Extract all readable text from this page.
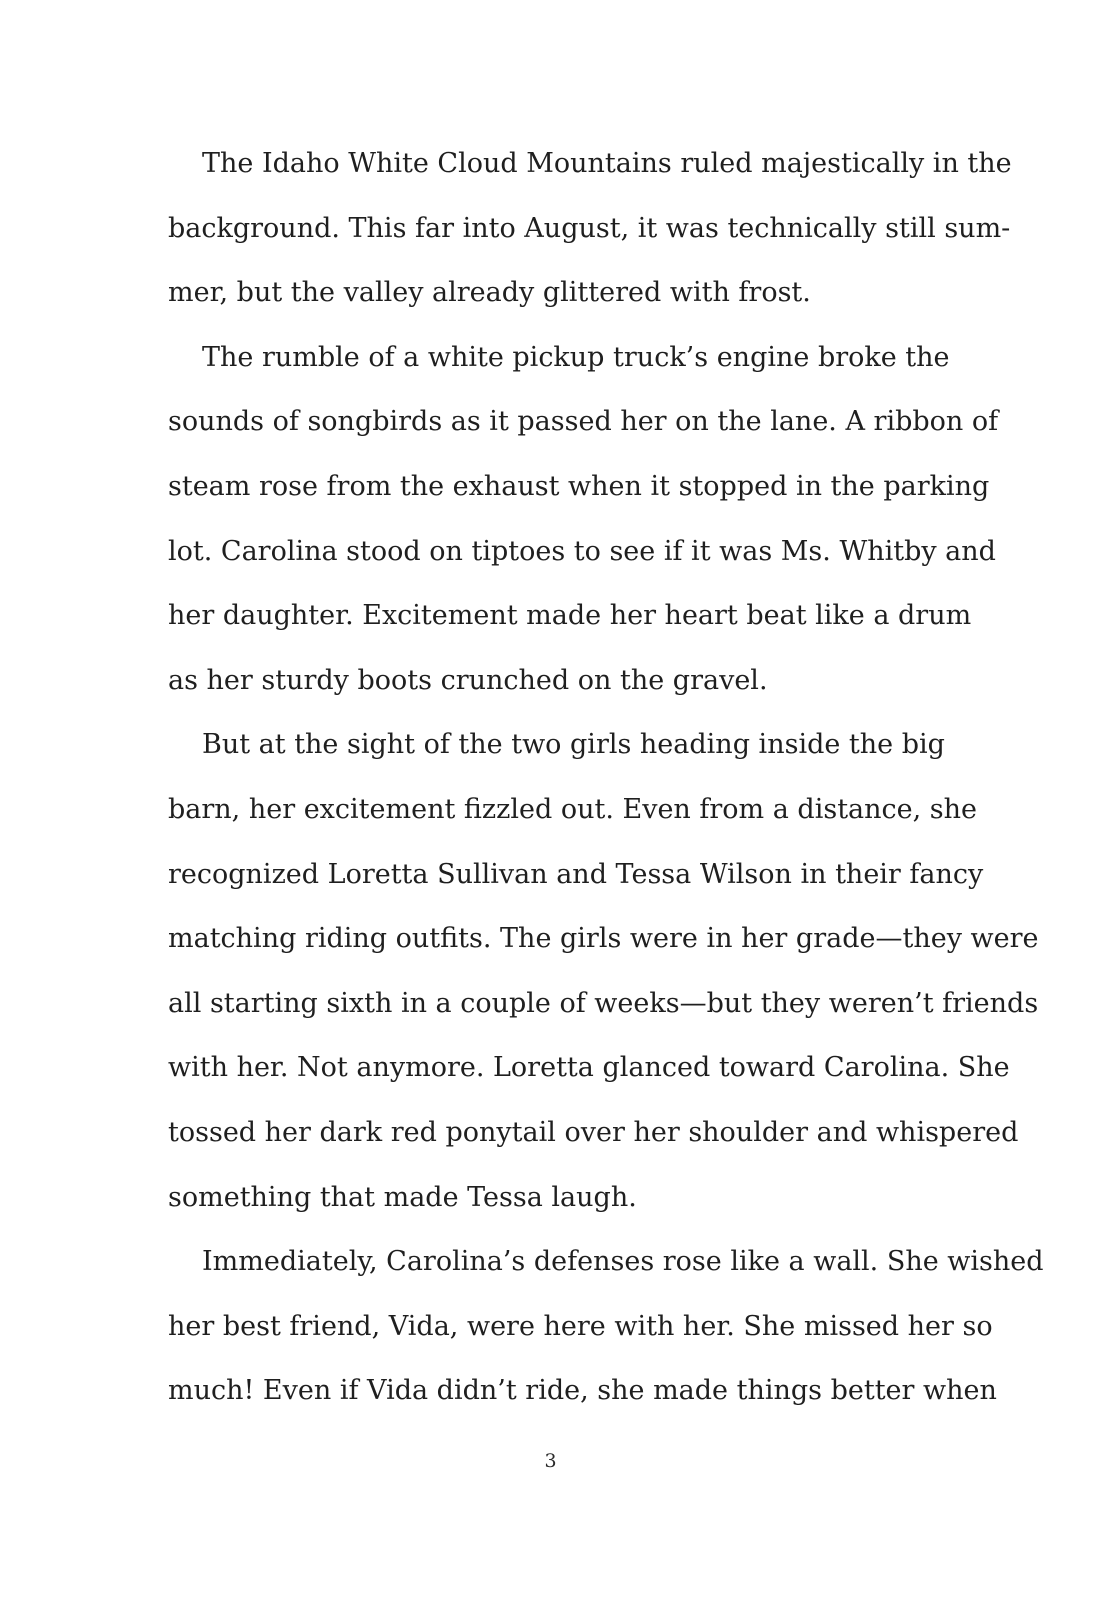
The Idaho White Cloud Mountains ruled majestically in the
background. This far into August, it was technically still sum-
mer, but the valley already glittered with frost.
The rumble of a white pickup truck’s engine broke the
sounds of songbirds as it passed her on the lane. A ribbon of
steam rose from the exhaust when it stopped in the parking
lot. Carolina stood on tiptoes to see if it was Ms. Whitby and
her daughter. Excitement made her heart beat like a drum
as her sturdy boots crunched on the gravel.
But at the sight of the two girls heading inside the big
barn, her excitement fizzled out. Even from a distance, she
recognized Loretta Sullivan and Tessa Wilson in their fancy
matching riding outfits. The girls were in her grade—they were
all starting sixth in a couple of weeks—but they weren’t friends
with her. Not anymore. Loretta glanced toward Carolina. She
tossed her dark red ponytail over her shoulder and whispered
something that made Tessa laugh.
Immediately, Carolina’s defenses rose like a wall. She wished
her best friend, Vida, were here with her. She missed her so
much! Even if Vida didn’t ride, she made things better when
3
